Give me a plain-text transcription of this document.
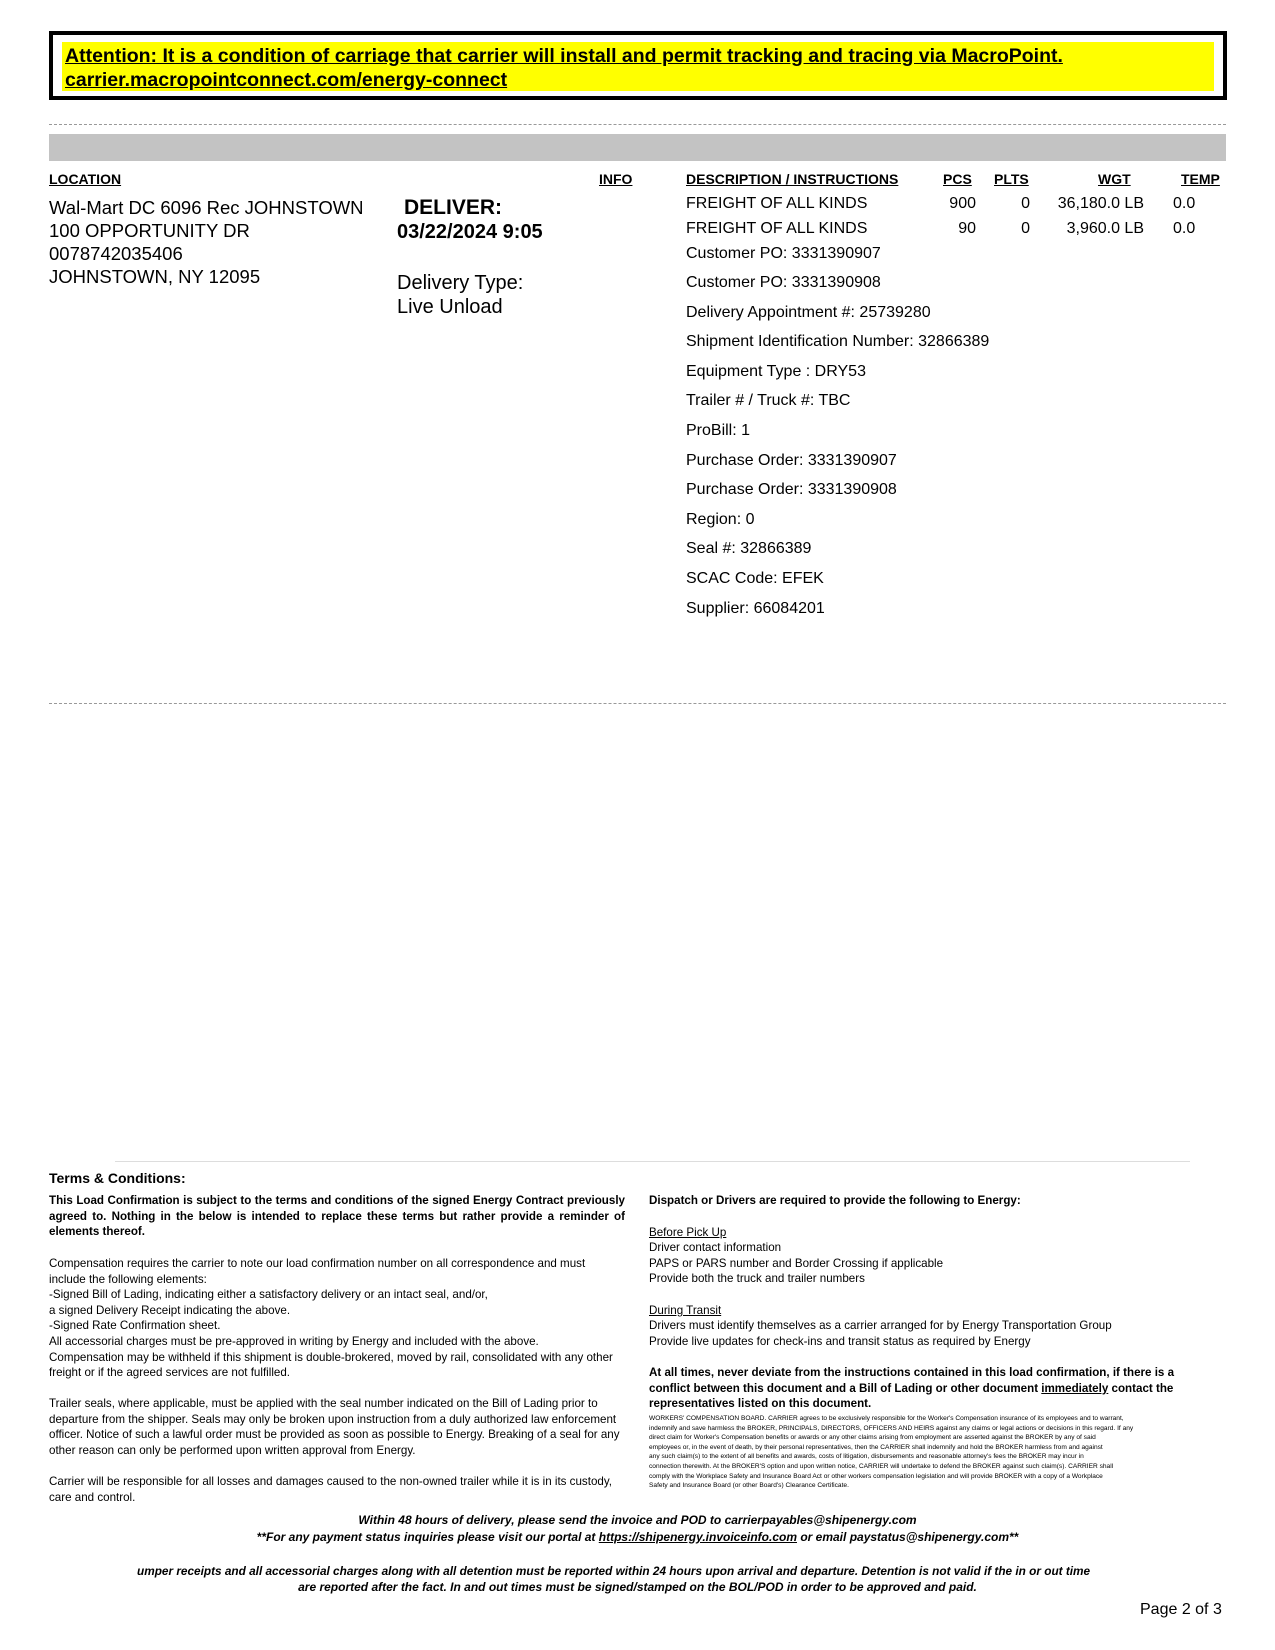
Attention: It is a condition of carriage that carrier will install and permit tracking and tracing via MacroPoint.
carrier.macropointconnect.com/energy-connect
LOCATION	INFO	DESCRIPTION / INSTRUCTIONS	PCS PLTS	WGT	TEMP
Wal-Mart DC 6096 Rec JOHNSTOWN
100 OPPORTUNITY DR
0078742035406
JOHNSTOWN, NY 12095
DELIVER:
03/22/2024 9:05
Delivery Type:
Live Unload
FREIGHT OF ALL KINDS	900	0	36,180.0 LB 0.0
FREIGHT OF ALL KINDS	90	0	3,960.0 LB 0.0
Customer PO: 3331390907
Customer PO: 3331390908
Delivery Appointment #: 25739280
Shipment Identification Number: 32866389
Equipment Type : DRY53
Trailer # / Truck #: TBC
ProBill: 1
Purchase Order: 3331390907
Purchase Order: 3331390908
Region: 0
Seal #: 32866389
SCAC Code: EFEK
Supplier: 66084201
Terms & Conditions:
This Load Confirmation is subject to the terms and conditions of the signed Energy Contract previously agreed to. Nothing in the below is intended to replace these terms but rather provide a reminder of elements thereof.
Compensation requires the carrier to note our load confirmation number on all correspondence and must
include the following elements:
-Signed Bill of Lading, indicating either a satisfactory delivery or an intact seal, and/or,
a signed Delivery Receipt indicating the above.
-Signed Rate Confirmation sheet.
All accessorial charges must be pre-approved in writing by Energy and included with the above.
Compensation may be withheld if this shipment is double-brokered, moved by rail, consolidated with any other
freight or if the agreed services are not fulfilled.
Trailer seals, where applicable, must be applied with the seal number indicated on the Bill of Lading prior to
departure from the shipper. Seals may only be broken upon instruction from a duly authorized law enforcement
officer. Notice of such a lawful order must be provided as soon as possible to Energy. Breaking of a seal for any
other reason can only be performed upon written approval from Energy.
Carrier will be responsible for all losses and damages caused to the non-owned trailer while it is in its custody,
care and control.
Dispatch or Drivers are required to provide the following to Energy:
Before Pick Up
Driver contact information
PAPS or PARS number and Border Crossing if applicable
Provide both the truck and trailer numbers
During Transit
Drivers must identify themselves as a carrier arranged for by Energy Transportation Group
Provide live updates for check-ins and transit status as required by Energy
At all times, never deviate from the instructions contained in this load confirmation, if there is a
conflict between this document and a Bill of Lading or other document immediately contact the
representatives listed on this document.
WORKERS' COMPENSATION BOARD. CARRIER agrees to be exclusively responsible for the Worker's Compensation insurance of its employees and to warrant,
indemnify and save harmless the BROKER, PRINCIPALS, DIRECTORS, OFFICERS AND HEIRS against any claims or legal actions or decisions in this regard. If any
direct claim for Worker's Compensation benefits or awards or any other claims arising from employment are asserted against the BROKER by any of said
employees or, in the event of death, by their personal representatives, then the CARRIER shall indemnify and hold the BROKER harmless from and against
any such claim(s) to the extent of all benefits and awards, costs of litigation, disbursements and reasonable attorney's fees the BROKER may incur in
connection therewith. At the BROKER'S option and upon written notice, CARRIER will undertake to defend the BROKER against such claim(s). CARRIER shall
comply with the Workplace Safety and Insurance Board Act or other workers compensation legislation and will provide BROKER with a copy of a Workplace
Safety and Insurance Board (or other Board's) Clearance Certificate.
Within 48 hours of delivery, please send the invoice and POD to carrierpayables@shipenergy.com
**For any payment status inquiries please visit our portal at https://shipenergy.invoiceinfo.com or email paystatus@shipenergy.com**
umper receipts and all accessorial charges along with all detention must be reported within 24 hours upon arrival and departure. Detention is not valid if the in or out time
are reported after the fact. In and out times must be signed/stamped on the BOL/POD in order to be approved and paid.
Page 2 of 3
